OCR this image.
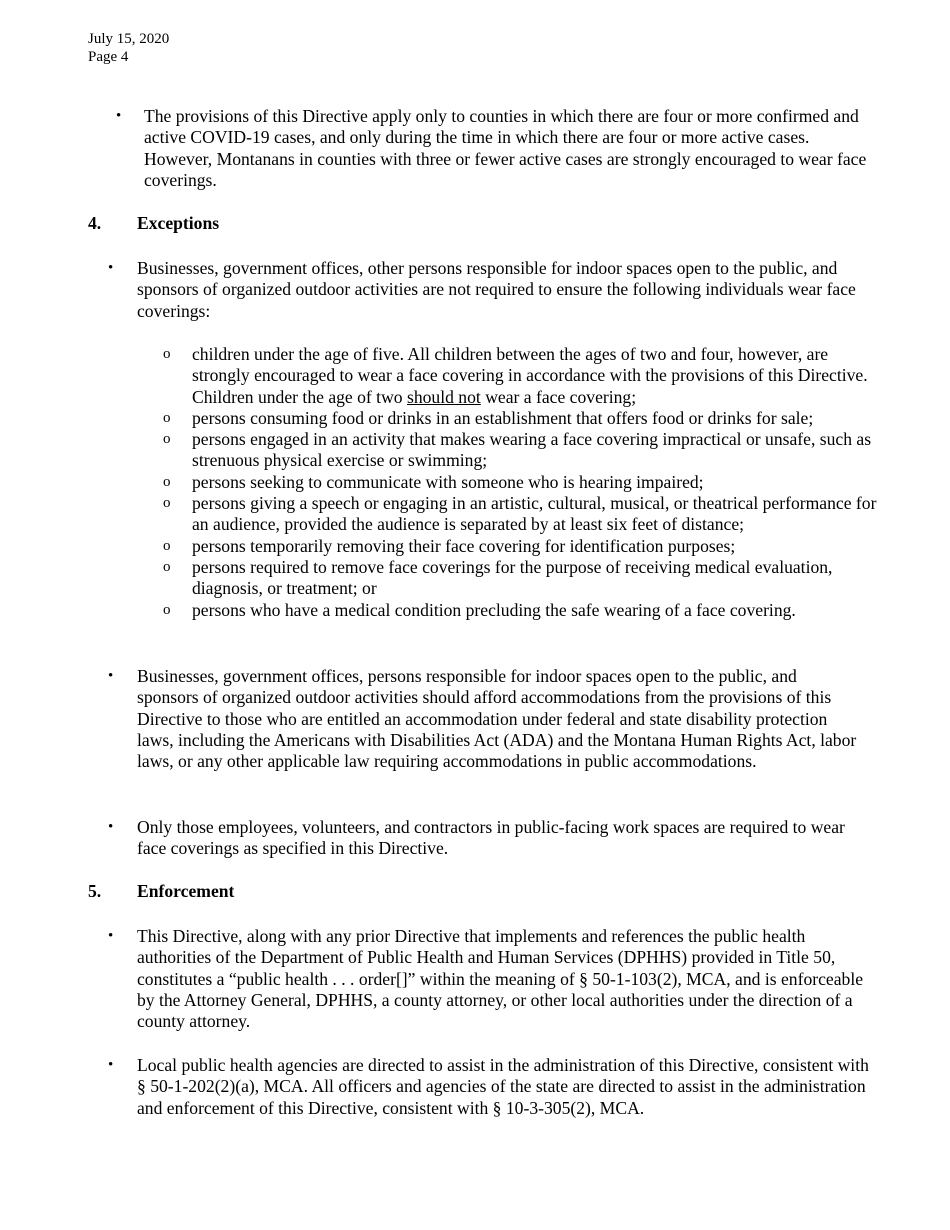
July 15, 2020
Page 4
• The provisions of this Directive apply only to counties in which there are four or more confirmed and active COVID-19 cases, and only during the time in which there are four or more active cases. However, Montanans in counties with three or fewer active cases are strongly encouraged to wear face coverings.
4. Exceptions
• Businesses, government offices, other persons responsible for indoor spaces open to the public, and sponsors of organized outdoor activities are not required to ensure the following individuals wear face coverings:
o children under the age of five. All children between the ages of two and four, however, are strongly encouraged to wear a face covering in accordance with the provisions of this Directive. Children under the age of two should not wear a face covering;
o persons consuming food or drinks in an establishment that offers food or drinks for sale;
o persons engaged in an activity that makes wearing a face covering impractical or unsafe, such as strenuous physical exercise or swimming;
o persons seeking to communicate with someone who is hearing impaired;
o persons giving a speech or engaging in an artistic, cultural, musical, or theatrical performance for an audience, provided the audience is separated by at least six feet of distance;
o persons temporarily removing their face covering for identification purposes;
o persons required to remove face coverings for the purpose of receiving medical evaluation, diagnosis, or treatment; or
o persons who have a medical condition precluding the safe wearing of a face covering.
• Businesses, government offices, persons responsible for indoor spaces open to the public, and sponsors of organized outdoor activities should afford accommodations from the provisions of this Directive to those who are entitled an accommodation under federal and state disability protection laws, including the Americans with Disabilities Act (ADA) and the Montana Human Rights Act, labor laws, or any other applicable law requiring accommodations in public accommodations.
• Only those employees, volunteers, and contractors in public-facing work spaces are required to wear face coverings as specified in this Directive.
5. Enforcement
• This Directive, along with any prior Directive that implements and references the public health authorities of the Department of Public Health and Human Services (DPHHS) provided in Title 50, constitutes a “public health . . . order[]” within the meaning of § 50-1-103(2), MCA, and is enforceable by the Attorney General, DPHHS, a county attorney, or other local authorities under the direction of a county attorney.
• Local public health agencies are directed to assist in the administration of this Directive, consistent with § 50-1-202(2)(a), MCA. All officers and agencies of the state are directed to assist in the administration and enforcement of this Directive, consistent with § 10-3-305(2), MCA.
